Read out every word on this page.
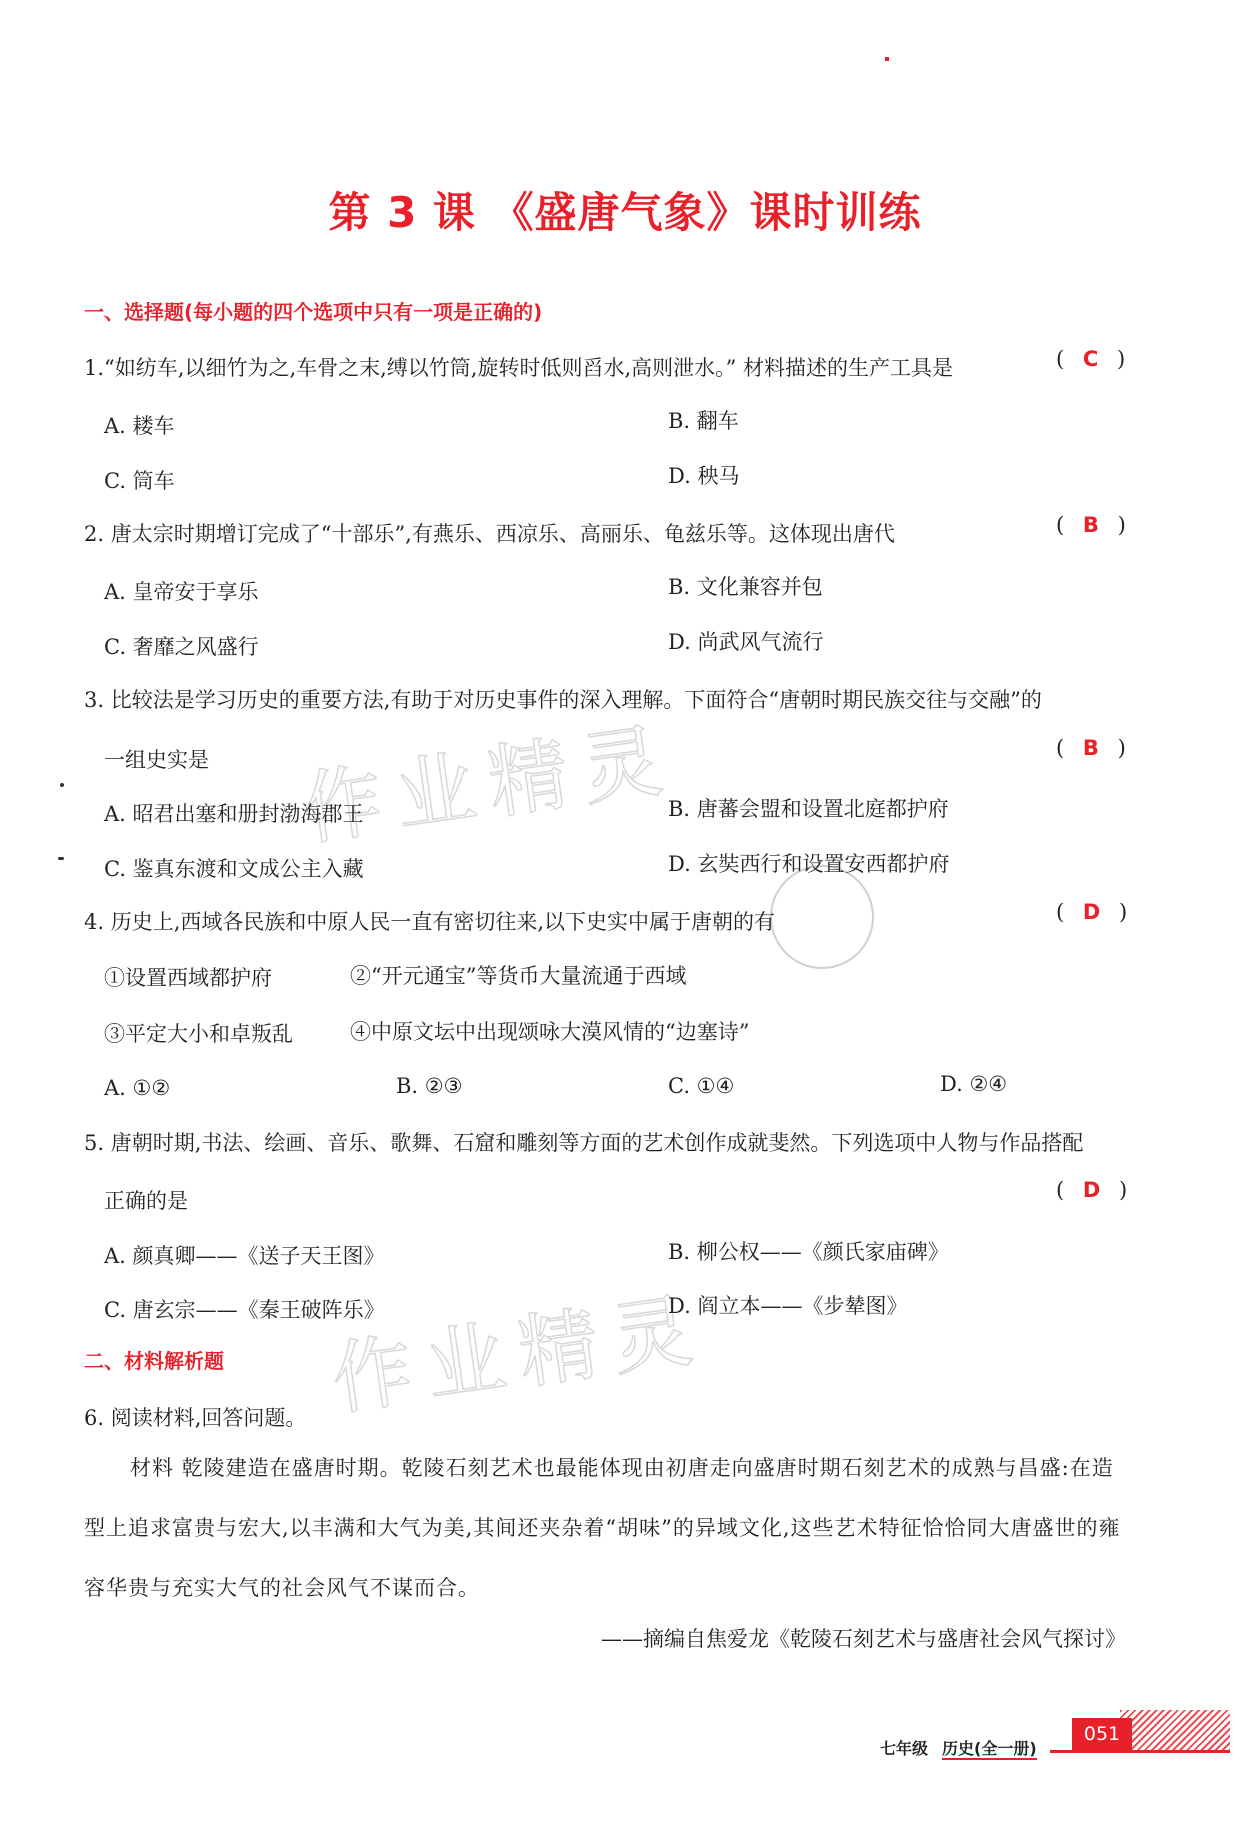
作业精灵
作业精灵
第 3 课 《盛唐气象》课时训练
一、选择题(每小题的四个选项中只有一项是正确的)
1.“如纺车,以细竹为之,车骨之末,缚以竹筒,旋转时低则舀水,高则泄水。” 材料描述的生产工具是	( C )
A. 耧车	B. 翻车
C. 筒车	D. 秧马
2. 唐太宗时期增订完成了“十部乐”,有燕乐、西凉乐、高丽乐、龟兹乐等。这体现出唐代	( B )
A. 皇帝安于享乐	B. 文化兼容并包
C. 奢靡之风盛行	D. 尚武风气流行
3. 比较法是学习历史的重要方法,有助于对历史事件的深入理解。下面符合“唐朝时期民族交往与交融”的
一组史实是	( B )
A. 昭君出塞和册封渤海郡王	B. 唐蕃会盟和设置北庭都护府
C. 鉴真东渡和文成公主入藏	D. 玄奘西行和设置安西都护府
4. 历史上,西域各民族和中原人民一直有密切往来,以下史实中属于唐朝的有	( D )
①设置西域都护府	②“开元通宝”等货币大量流通于西域
③平定大小和卓叛乱	④中原文坛中出现颂咏大漠风情的“边塞诗”
A. ①②	B. ②③	C. ①④	D. ②④
5. 唐朝时期,书法、绘画、音乐、歌舞、石窟和雕刻等方面的艺术创作成就斐然。下列选项中人物与作品搭配
正确的是	( D )
A. 颜真卿——《送子天王图》	B. 柳公权——《颜氏家庙碑》
C. 唐玄宗——《秦王破阵乐》	D. 阎立本——《步辇图》
二、材料解析题
6. 阅读材料,回答问题。
材料 乾陵建造在盛唐时期。乾陵石刻艺术也最能体现由初唐走向盛唐时期石刻艺术的成熟与昌盛:在造型上追求富贵与宏大,以丰满和大气为美,其间还夹杂着“胡味”的异域文化,这些艺术特征恰恰同大唐盛世的雍容华贵与充实大气的社会风气不谋而合。
——摘编自焦爱龙《乾陵石刻艺术与盛唐社会风气探讨》
051
七年级 历史(全一册)
